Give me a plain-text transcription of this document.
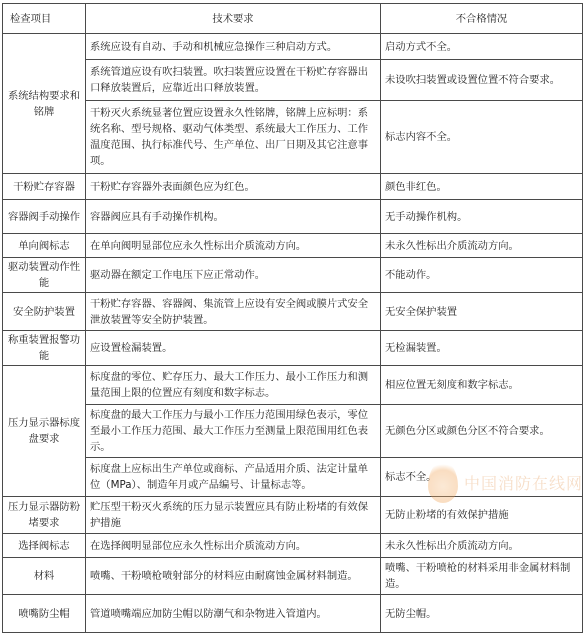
检查项目	技术要求	不合格情况
系统结构要求和铭牌	系统应设有自动、手动和机械应急操作三种启动方式。	启动方式不全。
	系统管道应设有吹扫装置。吹扫装置应设置在干粉贮存容器出口释放装置后，应靠近出口释放装置。	未设吹扫装置或设置位置不符合要求。
	干粉灭火系统显著位置应设置永久性铭牌，铭牌上应标明：系统名称、型号规格、驱动气体类型、系统最大工作压力、工作温度范围、执行标准代号、生产单位、出厂日期及其它注意事项。	标志内容不全。
干粉贮存容器	干粉贮存容器外表面颜色应为红色。	颜色非红色。
容器阀手动操作	容器阀应具有手动操作机构。	无手动操作机构。
单向阀标志	在单向阀明显部位应永久性标出介质流动方向。	未永久性标出介质流动方向。
驱动装置动作性能	驱动器在额定工作电压下应正常动作。	不能动作。
安全防护装置	干粉贮存容器、容器阀、集流管上应设有安全阀或膜片式安全泄放装置等安全防护装置。	无安全保护装置
称重装置报警功能	应设置检漏装置。	无检漏装置。
压力显示器标度盘要求	标度盘的零位、贮存压力、最大工作压力、最小工作压力和测量范围上限的位置应有刻度和数字标志。	相应位置无刻度和数字标志。
	标度盘的最大工作压力与最小工作压力范围用绿色表示，零位至最小工作压力范围、最大工作压力至测量上限范围用红色表示。	无颜色分区或颜色分区不符合要求。
	标度盘上应标出生产单位或商标、产品适用介质、法定计量单位（MPa）、制造年月或产品编号、计量标志等。	标志不全。
压力显示器防粉堵要求	贮压型干粉灭火系统的压力显示装置应具有防止粉堵的有效保护措施	无防止粉堵的有效保护措施
选择阀标志	在选择阀明显部位应永久性标出介质流动方向。	未永久性标出介质流动方向。
材料	喷嘴、干粉喷枪喷射部分的材料应由耐腐蚀金属材料制造。	喷嘴、干粉喷枪的材料采用非金属材料制造。
喷嘴防尘帽	管道喷嘴端应加防尘帽以防潮气和杂物进入管道内。	无防尘帽。
中国消防在线网
